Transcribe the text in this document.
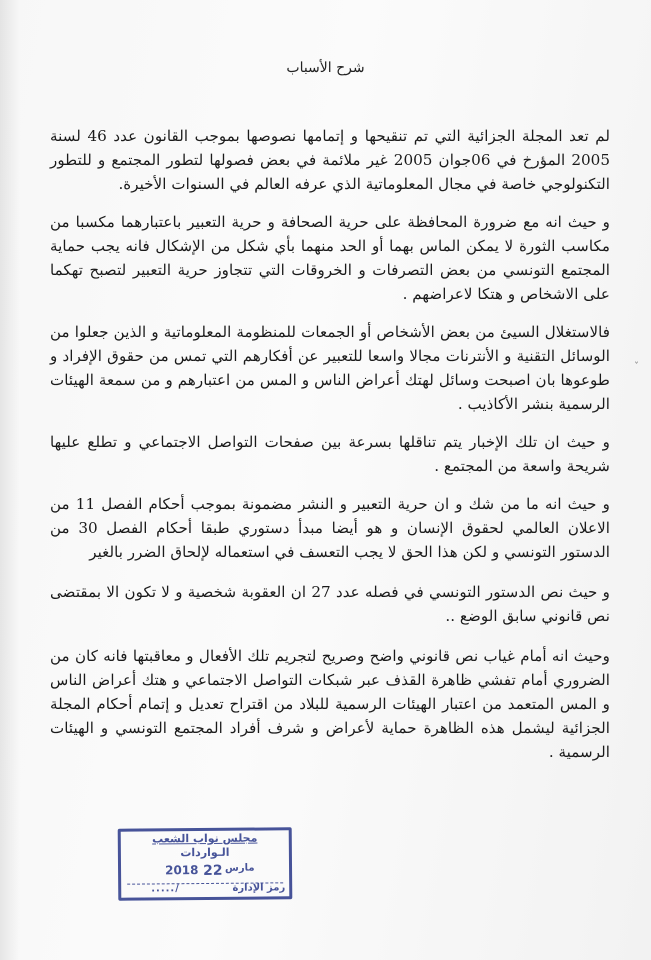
شرح الأسباب

لم تعد المجلة الجزائية التي تم تنقيحها و إتمامها نصوصها بموجب القانون عدد 46 لسنة 2005 المؤرخ في 06جوان 2005 غير ملائمة في بعض فصولها لتطور المجتمع و للتطور التكنولوجي خاصة في مجال المعلوماتية الذي عرفه العالم في السنوات الأخيرة.

و حيث انه مع ضرورة المحافظة على حرية الصحافة و حرية التعبير باعتبارهما مكسبا من مكاسب الثورة لا يمكن الماس بهما أو الحد منهما بأي شكل من الإشكال فانه يجب حماية المجتمع التونسي من بعض التصرفات و الخروقات التي تتجاوز حرية التعبير لتصبح تهكما على الاشخاص و هتكا لاعراضهم .

فالاستغلال السيئ من بعض الأشخاص أو الجمعات للمنظومة المعلوماتية و الذين جعلوا من الوسائل التقنية و الأنترنات مجالا واسعا للتعبير عن أفكارهم التي تمس من حقوق الإفراد و طوعوها بان اصبحت وسائل لهتك أعراض الناس و المس من اعتبارهم و من سمعة الهيئات الرسمية بنشر الأكاذيب .

و حيث ان تلك الإخبار يتم تناقلها بسرعة بين صفحات التواصل الاجتماعي و تطلع عليها شريحة واسعة من المجتمع .

و حيث انه ما من شك و ان حرية التعبير و النشر مضمونة بموجب أحكام الفصل 11 من الاعلان العالمي لحقوق الإنسان و هو أيضا مبدأ دستوري طبقا أحكام الفصل 30 من الدستور التونسي و لكن هذا الحق لا يجب التعسف في استعماله لإلحاق الضرر بالغير

و حيث نص الدستور التونسي في فصله عدد 27 ان العقوبة شخصية و لا تكون الا بمقتضى نص قانوني سابق الوضع ..

وحيث انه أمام غياب نص قانوني واضح وصريح لتجريم تلك الأفعال و معاقبتها فانه كان من الضروري أمام تفشي ظاهرة القذف عبر شبكات التواصل الاجتماعي و هتك أعراض الناس و المس المتعمد من اعتبار الهيئات الرسمية للبلاد من اقتراح تعديل و إتمام أحكام المجلة الجزائية ليشمل هذه الظاهرة حماية لأعراض و شرف أفراد المجتمع التونسي و الهيئات الرسمية .

ˇ
مجلس نواب الشعب
الـواردات
2018 22 مارس
رمز الإدارة
/.....
